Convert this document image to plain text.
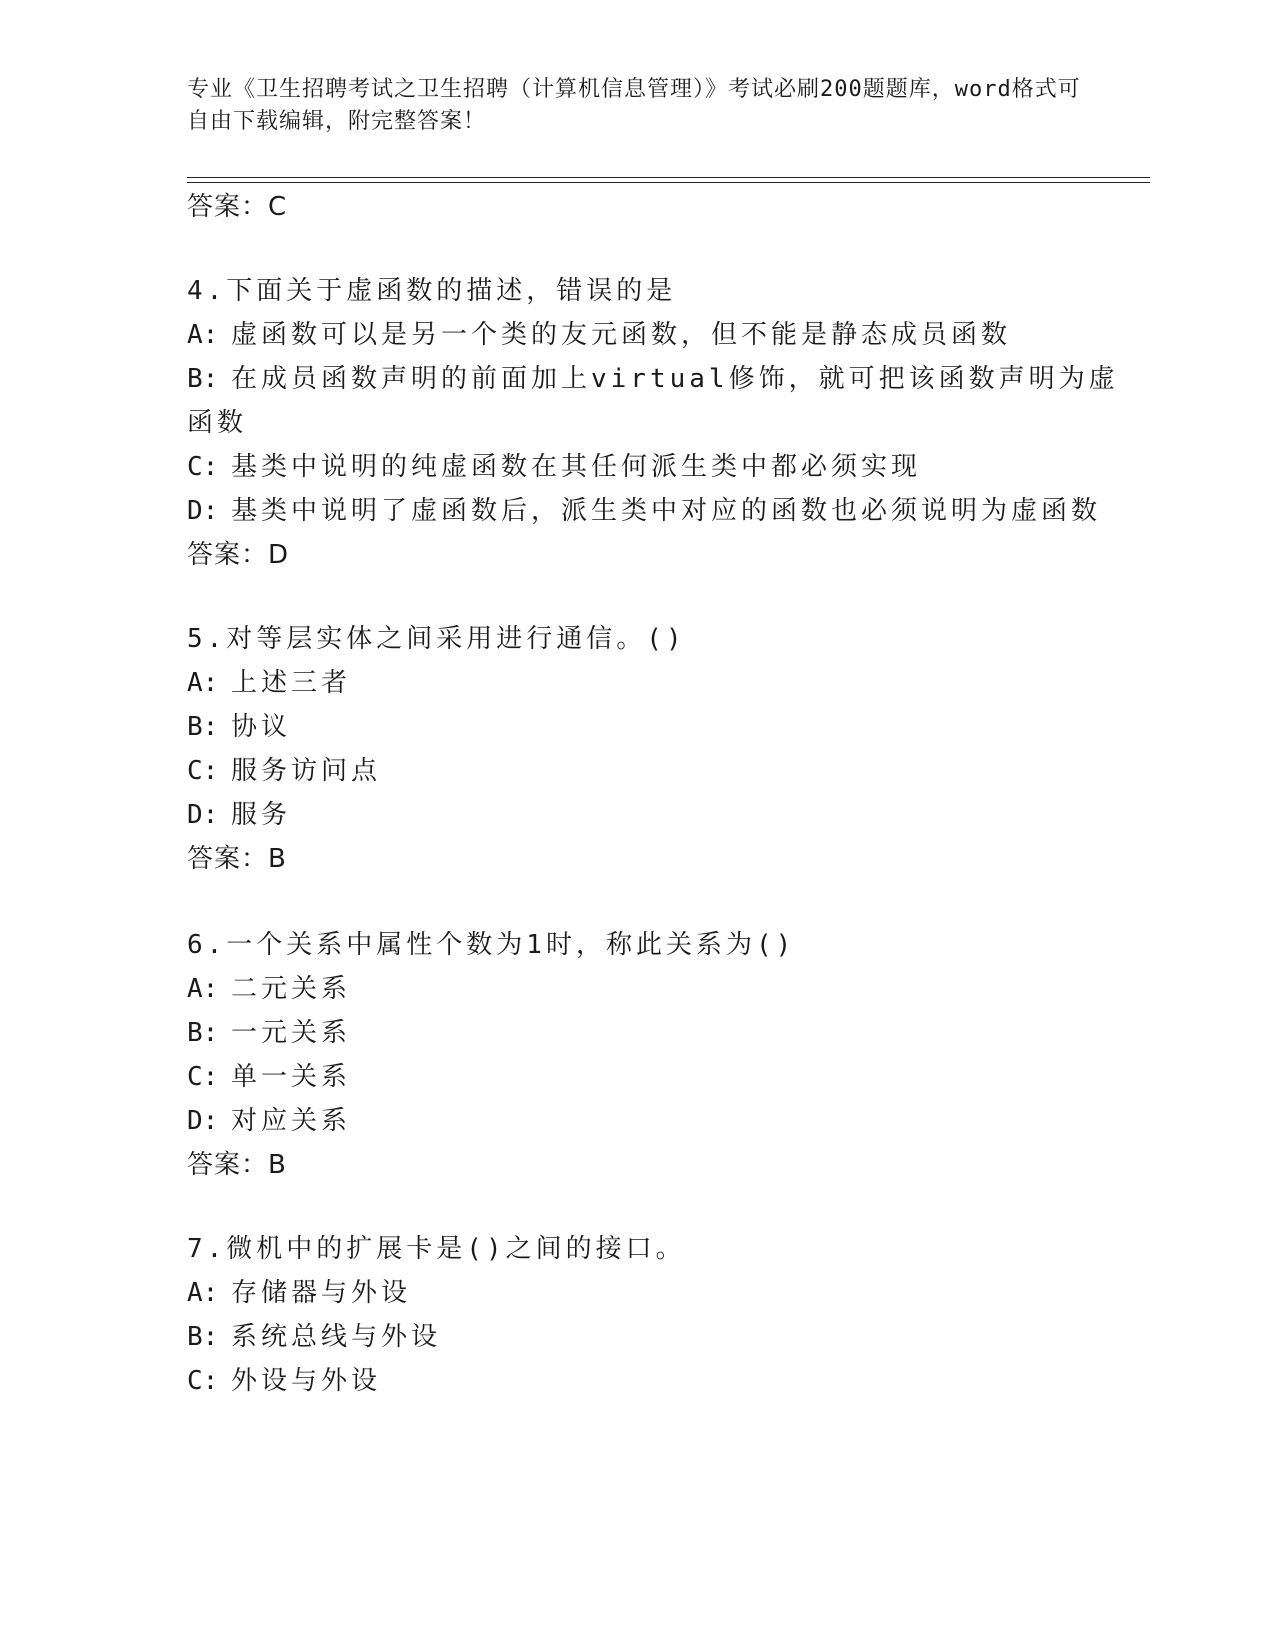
专业《卫生招聘考试之卫生招聘（计算机信息管理）》考试必刷200题题库，word格式可自由下载编辑，附完整答案！
答案：C
4.下面关于虚函数的描述，错误的是
A: 虚函数可以是另一个类的友元函数，但不能是静态成员函数
B: 在成员函数声明的前面加上virtual修饰，就可把该函数声明为虚
函数
C: 基类中说明的纯虚函数在其任何派生类中都必须实现
D: 基类中说明了虚函数后，派生类中对应的函数也必须说明为虚函数
答案：D
5.对等层实体之间采用进行通信。()
A: 上述三者
B: 协议
C: 服务访问点
D: 服务
答案：B
6.一个关系中属性个数为1时，称此关系为()
A: 二元关系
B: 一元关系
C: 单一关系
D: 对应关系
答案：B
7.微机中的扩展卡是()之间的接口。
A: 存储器与外设
B: 系统总线与外设
C: 外设与外设
